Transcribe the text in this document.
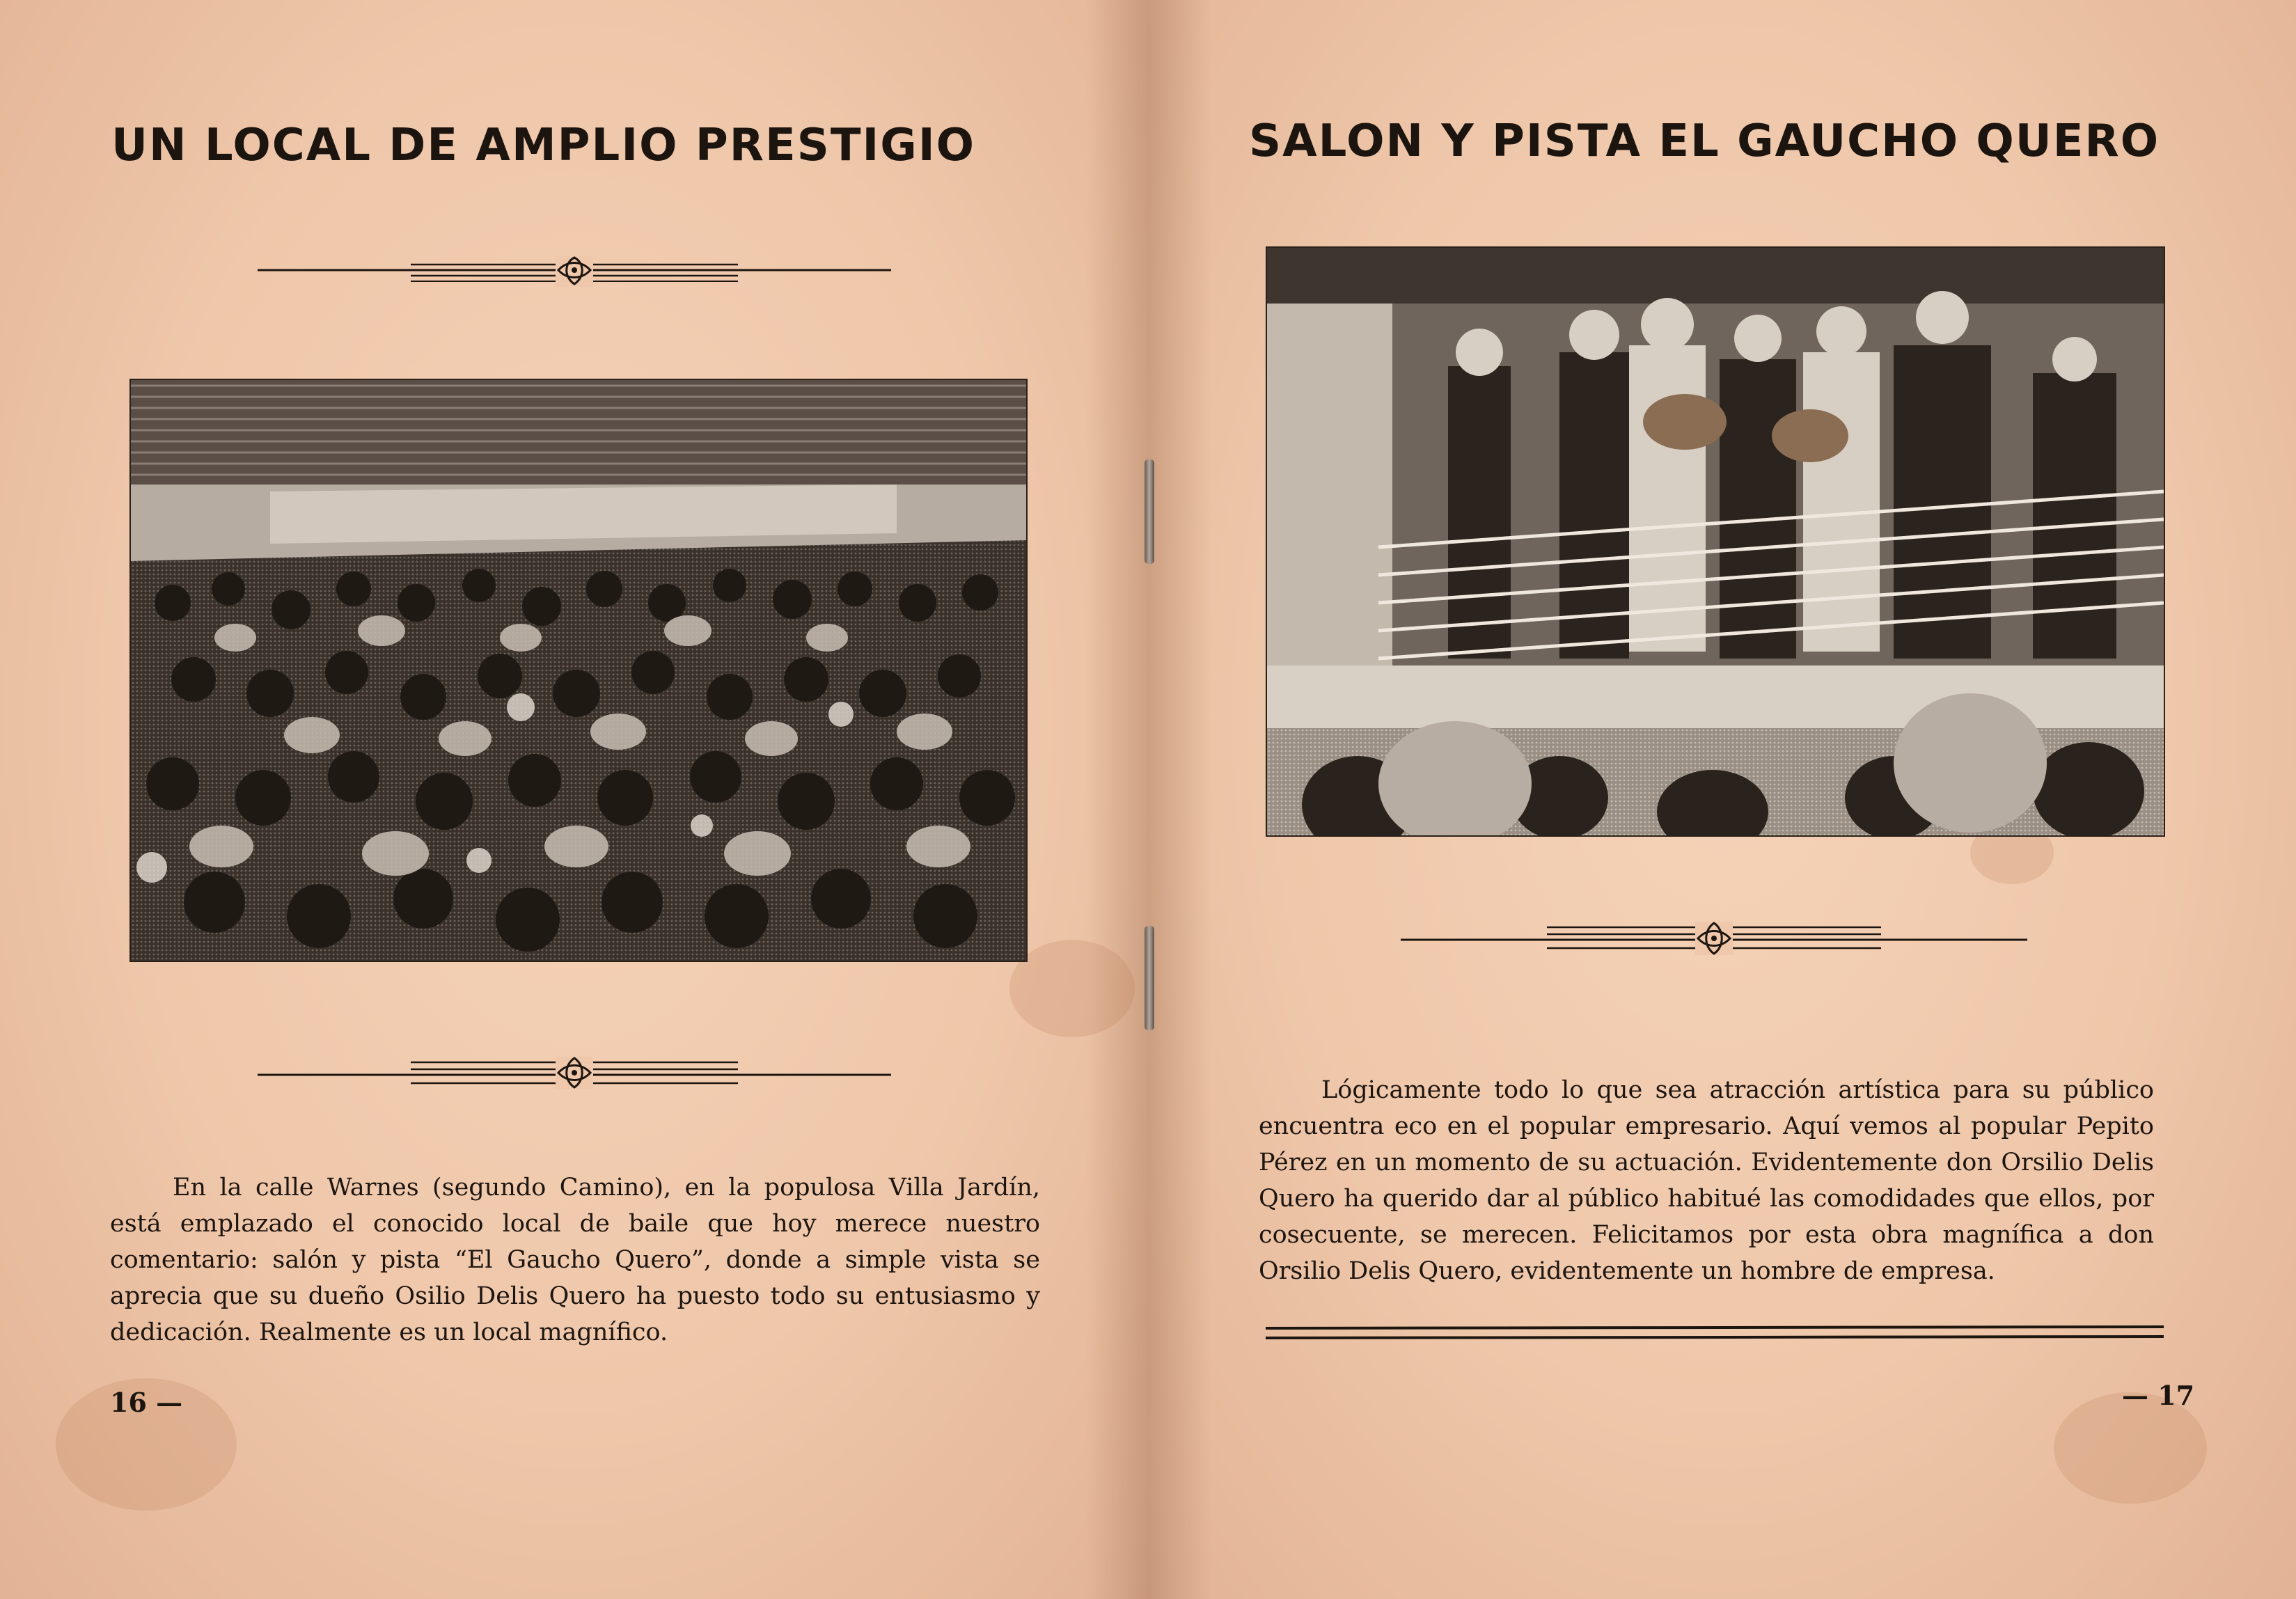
UN LOCAL DE AMPLIO PRESTIGIO

En la calle Warnes (segundo Camino), en la populosa Villa Jardín, está emplazado el conocido local de baile que hoy merece nuestro comentario: salón y pista “El Gaucho Quero”, donde a simple vista se aprecia que su dueño Osilio Delis Quero ha puesto todo su entusiasmo y dedicación. Realmente es un local magnífico.

16 —

SALON Y PISTA EL GAUCHO QUERO

Lógicamente todo lo que sea atracción artística para su público encuentra eco en el popular empresario. Aquí vemos al popular Pepito Pérez en un momento de su actuación. Evidentemente don Orsilio Delis Quero ha querido dar al público habitué las comodidades que ellos, por cosecuente, se merecen. Felicitamos por esta obra magnífica a don Orsilio Delis Quero, evidentemente un hombre de empresa.

— 17
